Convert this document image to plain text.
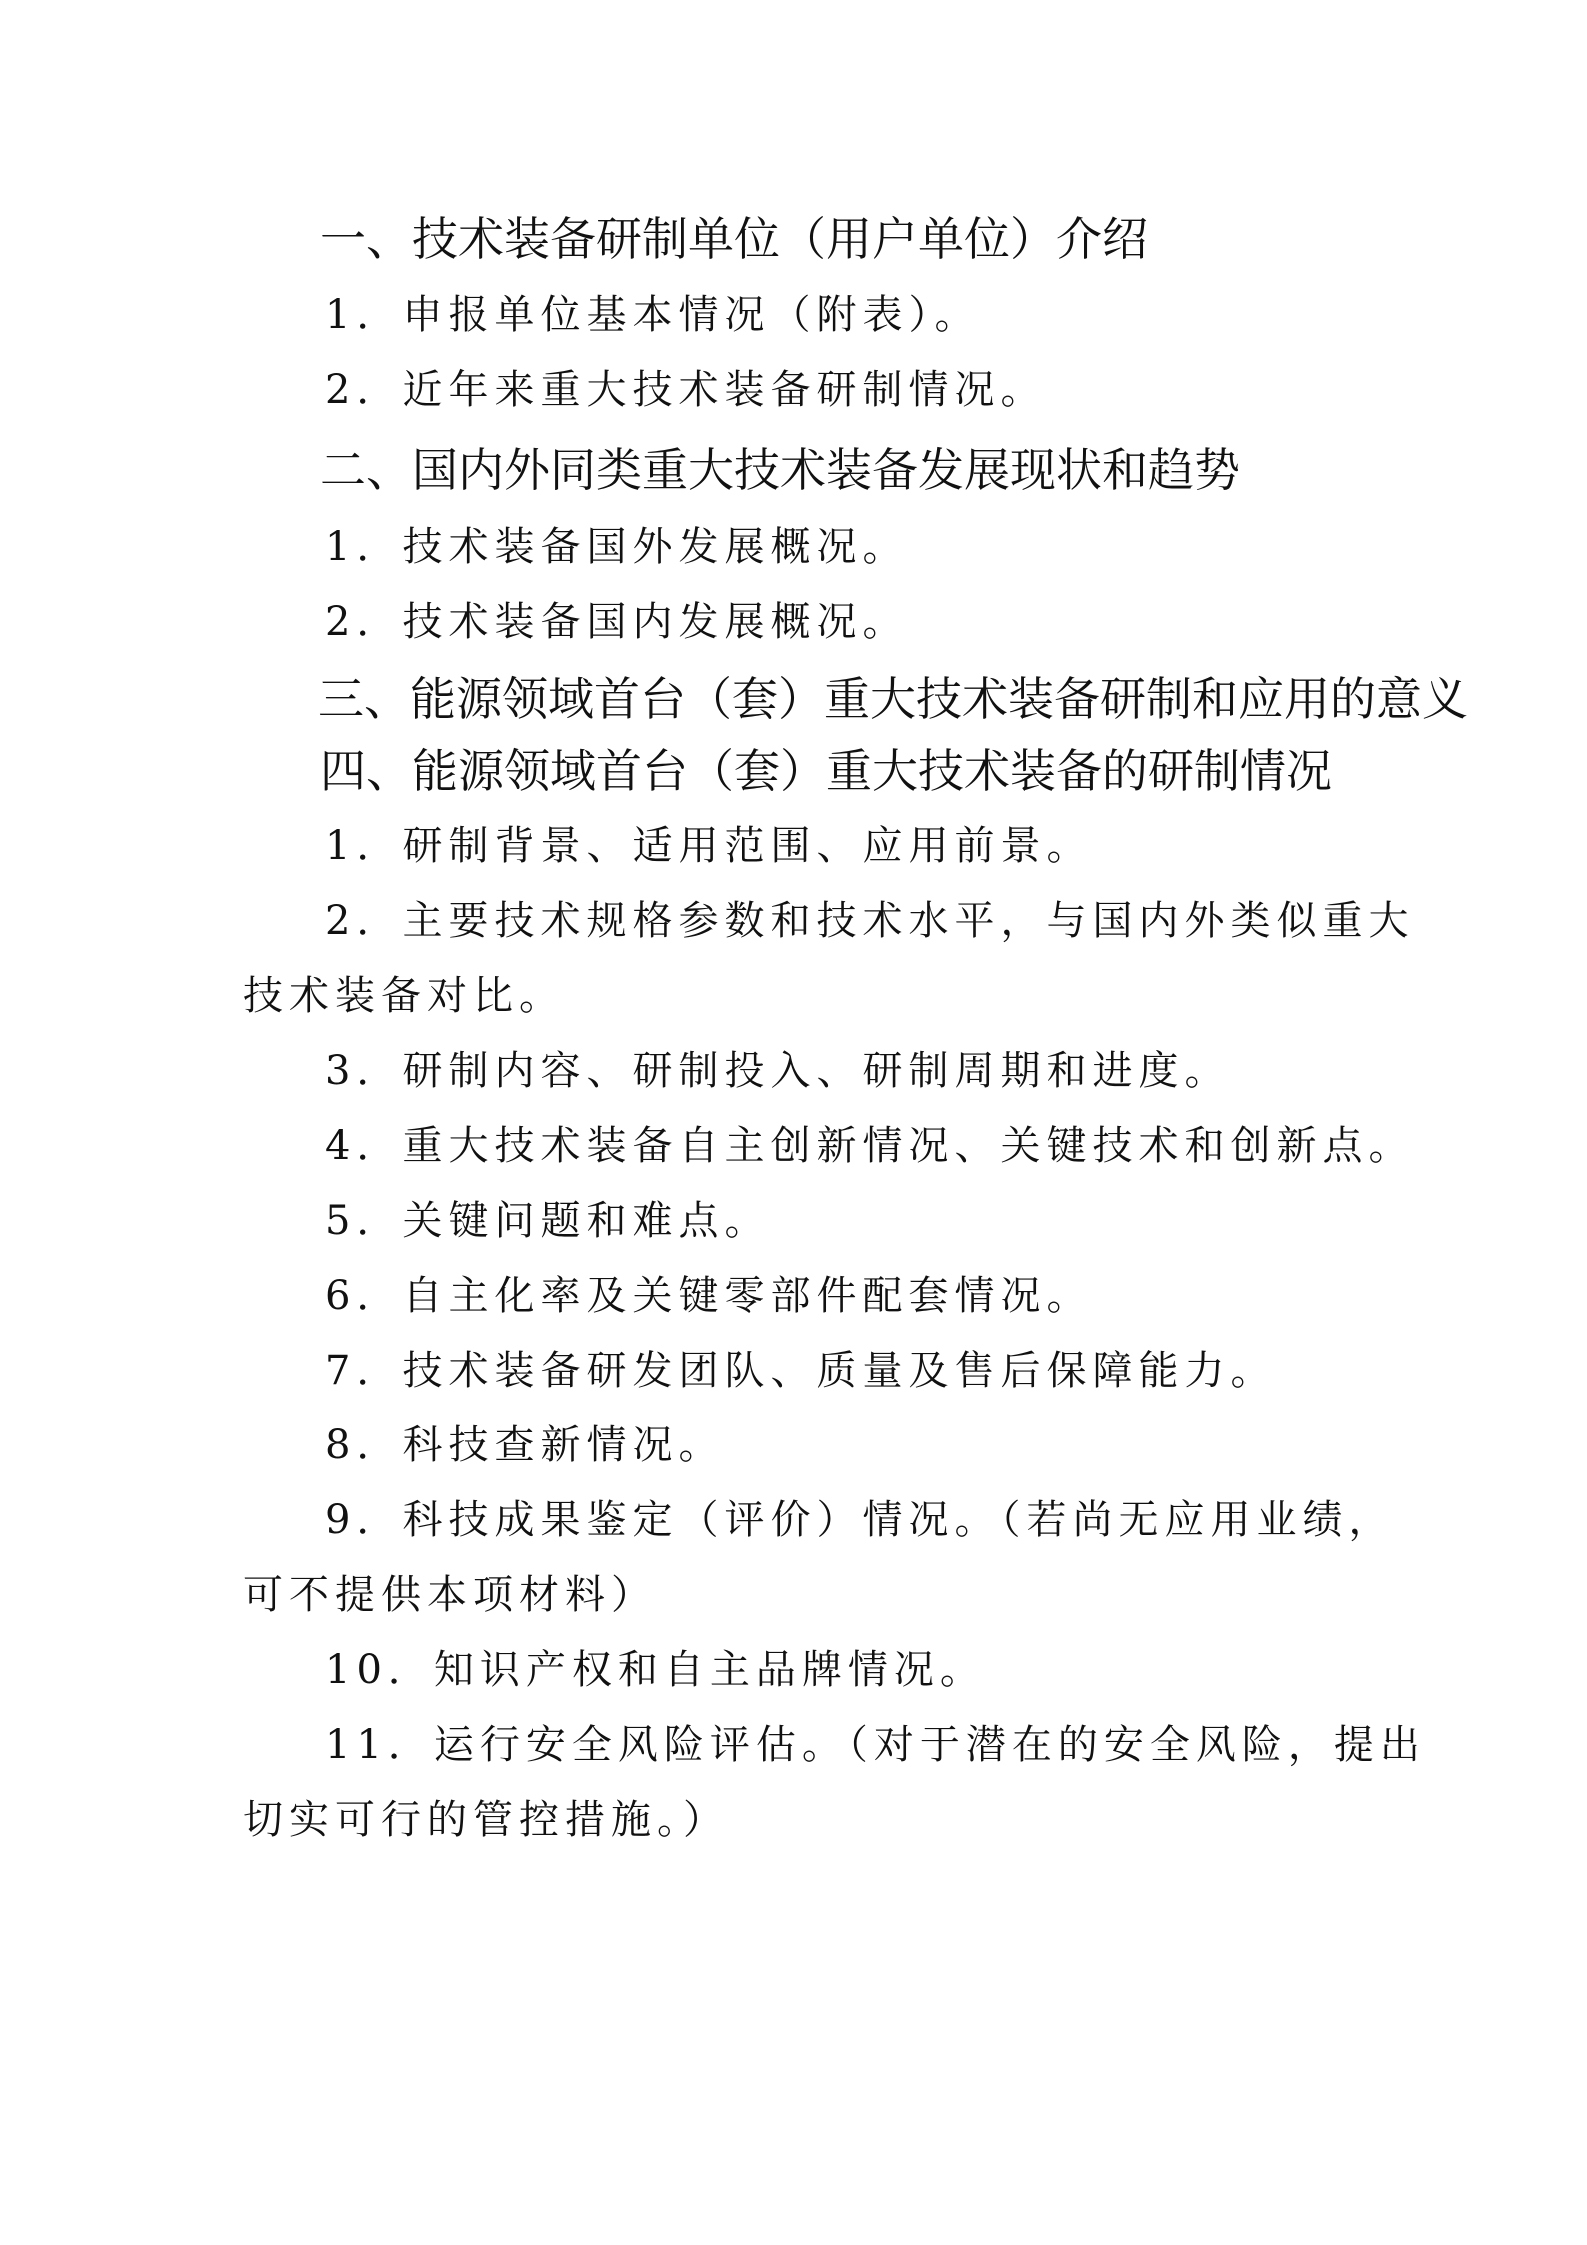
一、技术装备研制单位（用户单位）介绍
1．申报单位基本情况（附表）。
2．近年来重大技术装备研制情况。
二、国内外同类重大技术装备发展现状和趋势
1．技术装备国外发展概况。
2．技术装备国内发展概况。
三、能源领域首台（套）重大技术装备研制和应用的意义
四、能源领域首台（套）重大技术装备的研制情况
1．研制背景、适用范围、应用前景。
2．主要技术规格参数和技术水平，与国内外类似重大
技术装备对比。
3．研制内容、研制投入、研制周期和进度。
4．重大技术装备自主创新情况、关键技术和创新点。
5．关键问题和难点。
6．自主化率及关键零部件配套情况。
7．技术装备研发团队、质量及售后保障能力。
8．科技查新情况。
9．科技成果鉴定（评价）情况。（若尚无应用业绩，
可不提供本项材料）
10．知识产权和自主品牌情况。
11．运行安全风险评估。（对于潜在的安全风险，提出
切实可行的管控措施。）
